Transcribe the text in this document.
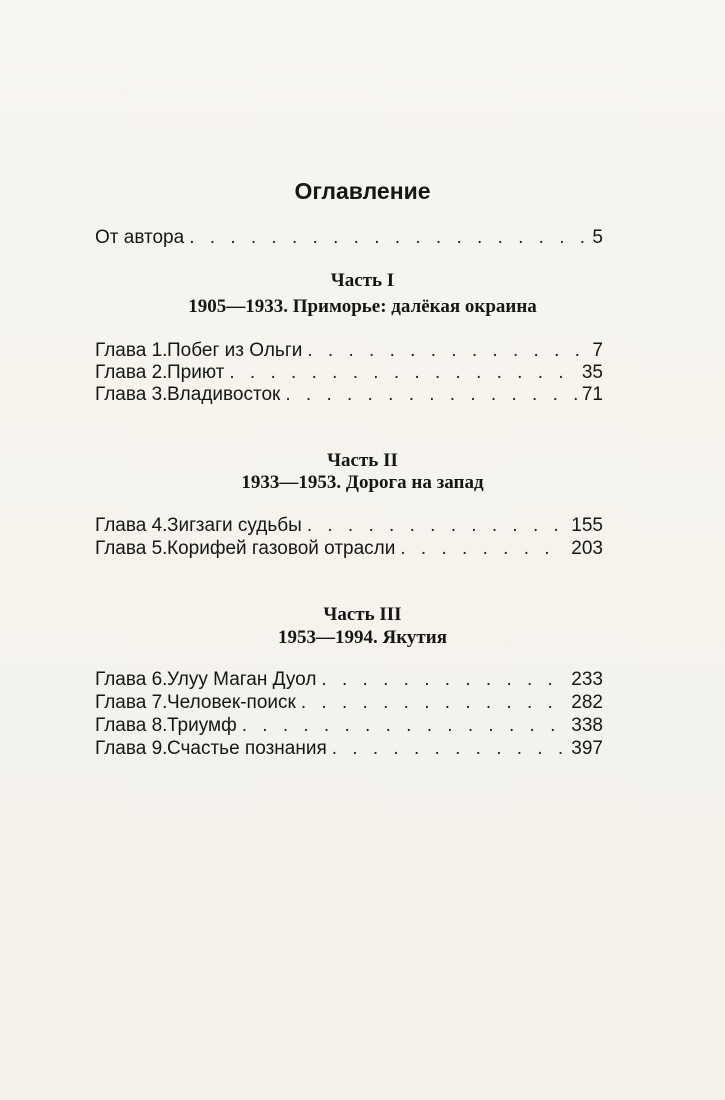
Оглавление
От автора . . .	5
Часть I
1905—1933. Приморье: далёкая окраина
Глава 1.Побег из Ольги . . .	7
Глава 2.Приют . . .	35
Глава 3.Владивосток . . .	71
Часть II
1933—1953. Дорога на запад
Глава 4.Зигзаги судьбы . . .	155
Глава 5.Корифей газовой отрасли . . .	203
Часть III
1953—1994. Якутия
Глава 6.Улуу Маган Дуол . . .	233
Глава 7.Человек-поиск . . .	282
Глава 8.Триумф . . .	338
Глава 9.Счастье познания . . .	397
